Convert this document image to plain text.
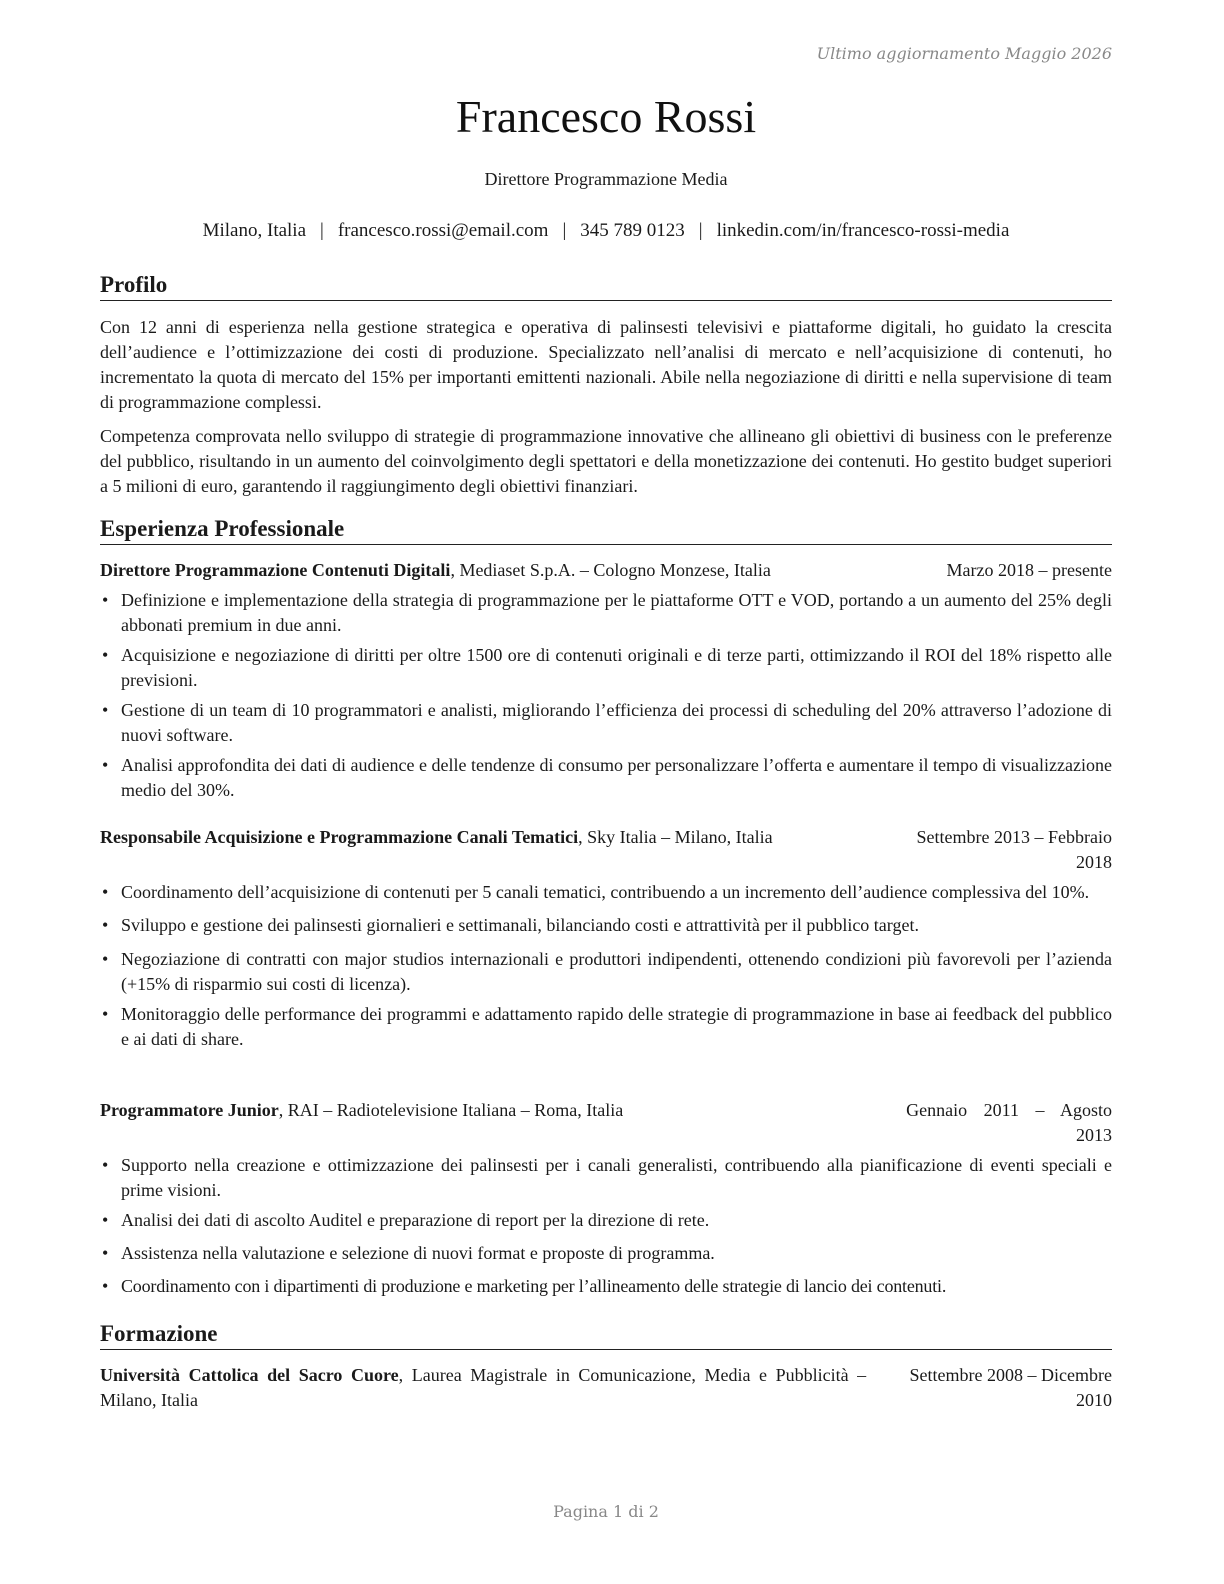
Ultimo aggiornamento Maggio 2026
Francesco Rossi
Direttore Programmazione Media
Milano, Italia | francesco.rossi@email.com | 345 789 0123 | linkedin.com/in/francesco-rossi-media
Profilo

Con 12 anni di esperienza nella gestione strategica e operativa di palinsesti televisivi e piattaforme digitali, ho guidato la crescita dell’audience e l’ottimizzazione dei costi di produzione. Specializzato nell’analisi di mercato e nell’acquisizione di contenuti, ho incrementato la quota di mercato del 15% per importanti emittenti nazionali. Abile nella negoziazione di diritti e nella supervisione di team di programmazione complessi.

Competenza comprovata nello sviluppo di strategie di programmazione innovative che allineano gli obiettivi di business con le preferenze del pubblico, risultando in un aumento del coinvolgimento degli spettatori e della monetizzazione dei contenuti. Ho gestito budget superiori a 5 milioni di euro, garantendo il raggiungimento degli obiettivi finanziari.

Esperienza Professionale
Direttore Programmazione Contenuti Digitali, Mediaset S.p.A. – Cologno Monzese, Italia	Marzo 2018 – presente
• Definizione e implementazione della strategia di programmazione per le piattaforme OTT e VOD, portando a un aumento del 25% degli abbonati premium in due anni.
• Acquisizione e negoziazione di diritti per oltre 1500 ore di contenuti originali e di terze parti, ottimizzando il ROI del 18% rispetto alle previsioni.
• Gestione di un team di 10 programmatori e analisti, migliorando l’efficienza dei processi di scheduling del 20% attraverso l’adozione di nuovi software.
• Analisi approfondita dei dati di audience e delle tendenze di consumo per personalizzare l’offerta e aumentare il tempo di visualizzazione medio del 30%.
Responsabile Acquisizione e Programmazione Canali Tematici, Sky Italia – Milano, Italia	Settembre 2013 – Febbraio 2018
• Coordinamento dell’acquisizione di contenuti per 5 canali tematici, contribuendo a un incremento dell’audience complessiva del 10%.
• Sviluppo e gestione dei palinsesti giornalieri e settimanali, bilanciando costi e attrattività per il pubblico target.
• Negoziazione di contratti con major studios internazionali e produttori indipendenti, ottenendo condizioni più favorevoli per l’azienda (+15% di risparmio sui costi di licenza).
• Monitoraggio delle performance dei programmi e adattamento rapido delle strategie di programmazione in base ai feedback del pubblico e ai dati di share.
Programmatore Junior, RAI – Radiotelevisione Italiana – Roma, Italia	Gennaio 2011 – Agosto 2013
• Supporto nella creazione e ottimizzazione dei palinsesti per i canali generalisti, contribuendo alla pianificazione di eventi speciali e prime visioni.
• Analisi dei dati di ascolto Auditel e preparazione di report per la direzione di rete.
• Assistenza nella valutazione e selezione di nuovi format e proposte di programma.
• Coordinamento con i dipartimenti di produzione e marketing per l’allineamento delle strategie di lancio dei contenuti.
Formazione
Università Cattolica del Sacro Cuore, Laurea Magistrale in Comunicazione, Media e Pubblicità – Milano, Italia
Settembre 2008 – Dicembre 2010
Pagina 1 di 2
